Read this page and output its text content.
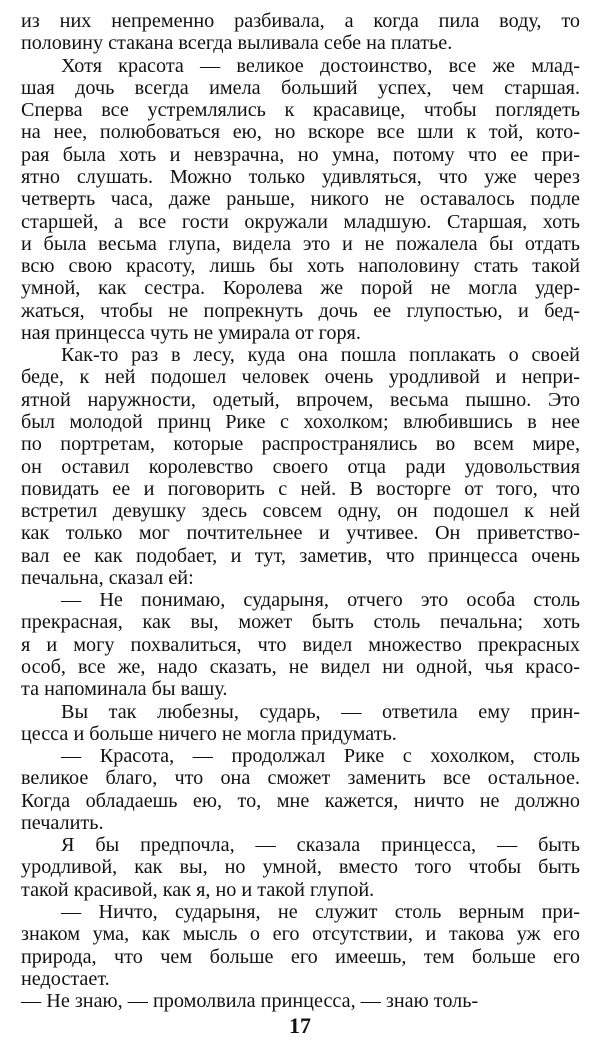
из них непременно разбивала, а когда пила воду, то
половину стакана всегда выливала себе на платье.
Хотя красота — великое достоинство, все же млад-
шая дочь всегда имела больший успех, чем старшая.
Сперва все устремлялись к красавице, чтобы поглядеть
на нее, полюбоваться ею, но вскоре все шли к той, кото-
рая была хоть и невзрачна, но умна, потому что ее при-
ятно слушать. Можно только удивляться, что уже через
четверть часа, даже раньше, никого не оставалось подле
старшей, а все гости окружали младшую. Старшая, хоть
и была весьма глупа, видела это и не пожалела бы отдать
всю свою красоту, лишь бы хоть наполовину стать такой
умной, как сестра. Королева же порой не могла удер-
жаться, чтобы не попрекнуть дочь ее глупостью, и бед-
ная принцесса чуть не умирала от горя.
Как-то раз в лесу, куда она пошла поплакать о своей
беде, к ней подошел человек очень уродливой и непри-
ятной наружности, одетый, впрочем, весьма пышно. Это
был молодой принц Рике с хохолком; влюбившись в нее
по портретам, которые распространялись во всем мире,
он оставил королевство своего отца ради удовольствия
повидать ее и поговорить с ней. В восторге от того, что
встретил девушку здесь совсем одну, он подошел к ней
как только мог почтительнее и учтивее. Он приветство-
вал ее как подобает, и тут, заметив, что принцесса очень
печальна, сказал ей:
— Не понимаю, сударыня, отчего это особа столь
прекрасная, как вы, может быть столь печальна; хоть
я и могу похвалиться, что видел множество прекрасных
особ, все же, надо сказать, не видел ни одной, чья красо-
та напоминала бы вашу.
Вы так любезны, сударь, — ответила ему прин-
цесса и больше ничего не могла придумать.
— Красота, — продолжал Рике с хохолком, столь
великое благо, что она сможет заменить все остальное.
Когда обладаешь ею, то, мне кажется, ничто не должно
печалить.
Я бы предпочла, — сказала принцесса, — быть
уродливой, как вы, но умной, вместо того чтобы быть
такой красивой, как я, но и такой глупой.
— Ничто, сударыня, не служит столь верным при-
знаком ума, как мысль о его отсутствии, и такова уж его
природа, что чем больше его имеешь, тем больше его
недостает.
— Не знаю, — промолвила принцесса, — знаю толь-
17
